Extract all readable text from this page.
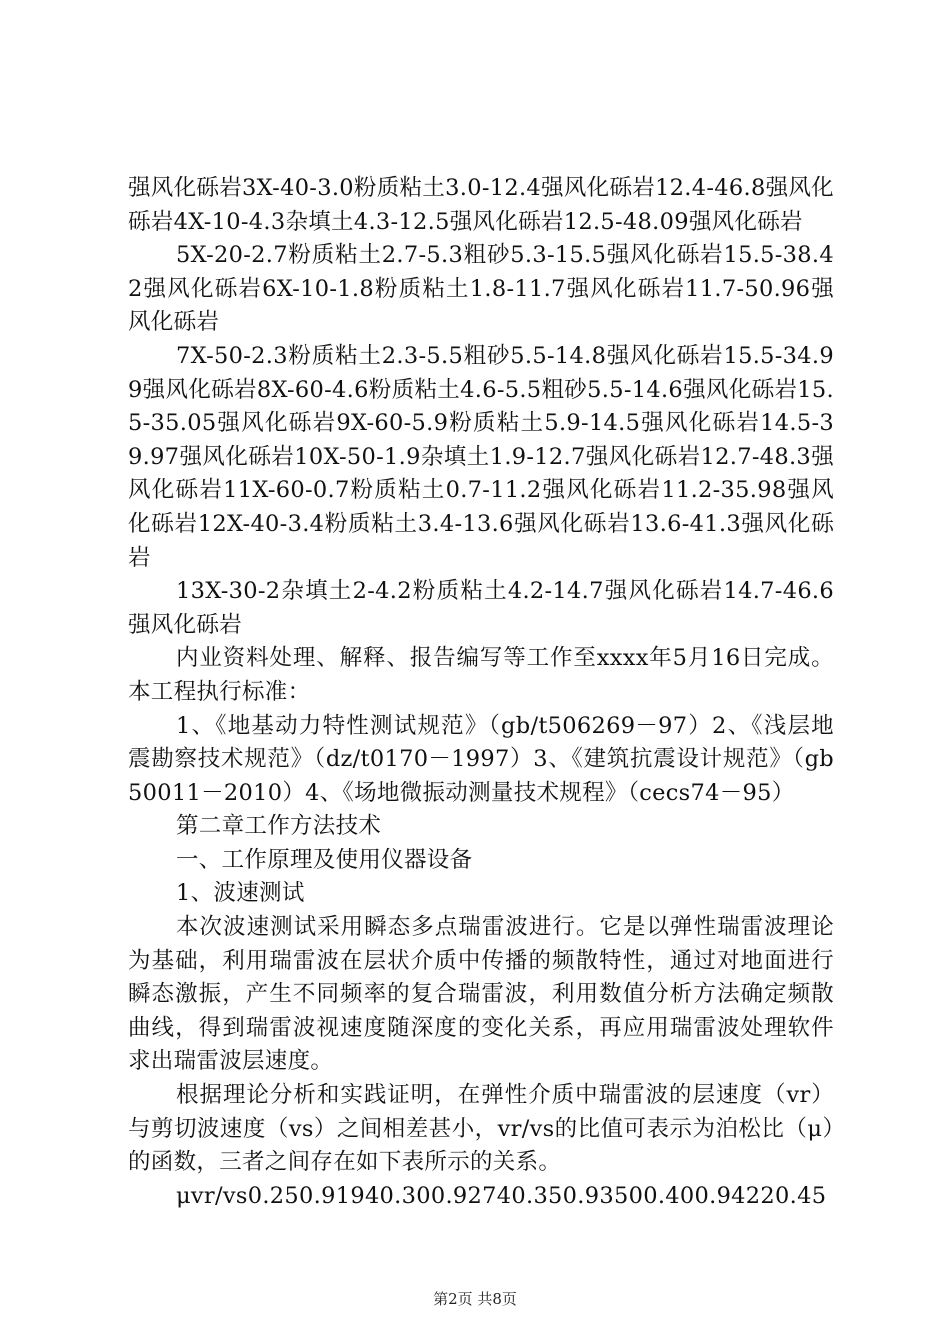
强风化砾岩3X-40-3.0粉质粘土3.0-12.4强风化砾岩12.4-46.8强风化砾岩4X-10-4.3杂填土4.3-12.5强风化砾岩12.5-48.09强风化砾岩

5X-20-2.7粉质粘土2.7-5.3粗砂5.3-15.5强风化砾岩15.5-38.42强风化砾岩6X-10-1.8粉质粘土1.8-11.7强风化砾岩11.7-50.96强风化砾岩

7X-50-2.3粉质粘土2.3-5.5粗砂5.5-14.8强风化砾岩15.5-34.99强风化砾岩8X-60-4.6粉质粘土4.6-5.5粗砂5.5-14.6强风化砾岩15.5-35.05强风化砾岩9X-60-5.9粉质粘土5.9-14.5强风化砾岩14.5-39.97强风化砾岩10X-50-1.9杂填土1.9-12.7强风化砾岩12.7-48.3强风化砾岩11X-60-0.7粉质粘土0.7-11.2强风化砾岩11.2-35.98强风化砾岩12X-40-3.4粉质粘土3.4-13.6强风化砾岩13.6-41.3强风化砾岩

13X-30-2杂填土2-4.2粉质粘土4.2-14.7强风化砾岩14.7-46.6强风化砾岩

内业资料处理、解释、报告编写等工作至xxxx年5月16日完成。本工程执行标准：

1、《地基动力特性测试规范》（gb/t506269－97）2、《浅层地震勘察技术规范》（dz/t0170－1997）3、《建筑抗震设计规范》（gb50011－2010）4、《场地微振动测量技术规程》（cecs74－95）

第二章工作方法技术

一、工作原理及使用仪器设备

1、波速测试

本次波速测试采用瞬态多点瑞雷波进行。它是以弹性瑞雷波理论为基础，利用瑞雷波在层状介质中传播的频散特性，通过对地面进行瞬态激振，产生不同频率的复合瑞雷波，利用数值分析方法确定频散曲线，得到瑞雷波视速度随深度的变化关系，再应用瑞雷波处理软件求出瑞雷波层速度。

根据理论分析和实践证明，在弹性介质中瑞雷波的层速度（vr）与剪切波速度（vs）之间相差甚小，vr/vs的比值可表示为泊松比（μ）的函数，三者之间存在如下表所示的关系。

μvr/vs0.250.91940.300.92740.350.93500.400.94220.45

第2页 共8页
